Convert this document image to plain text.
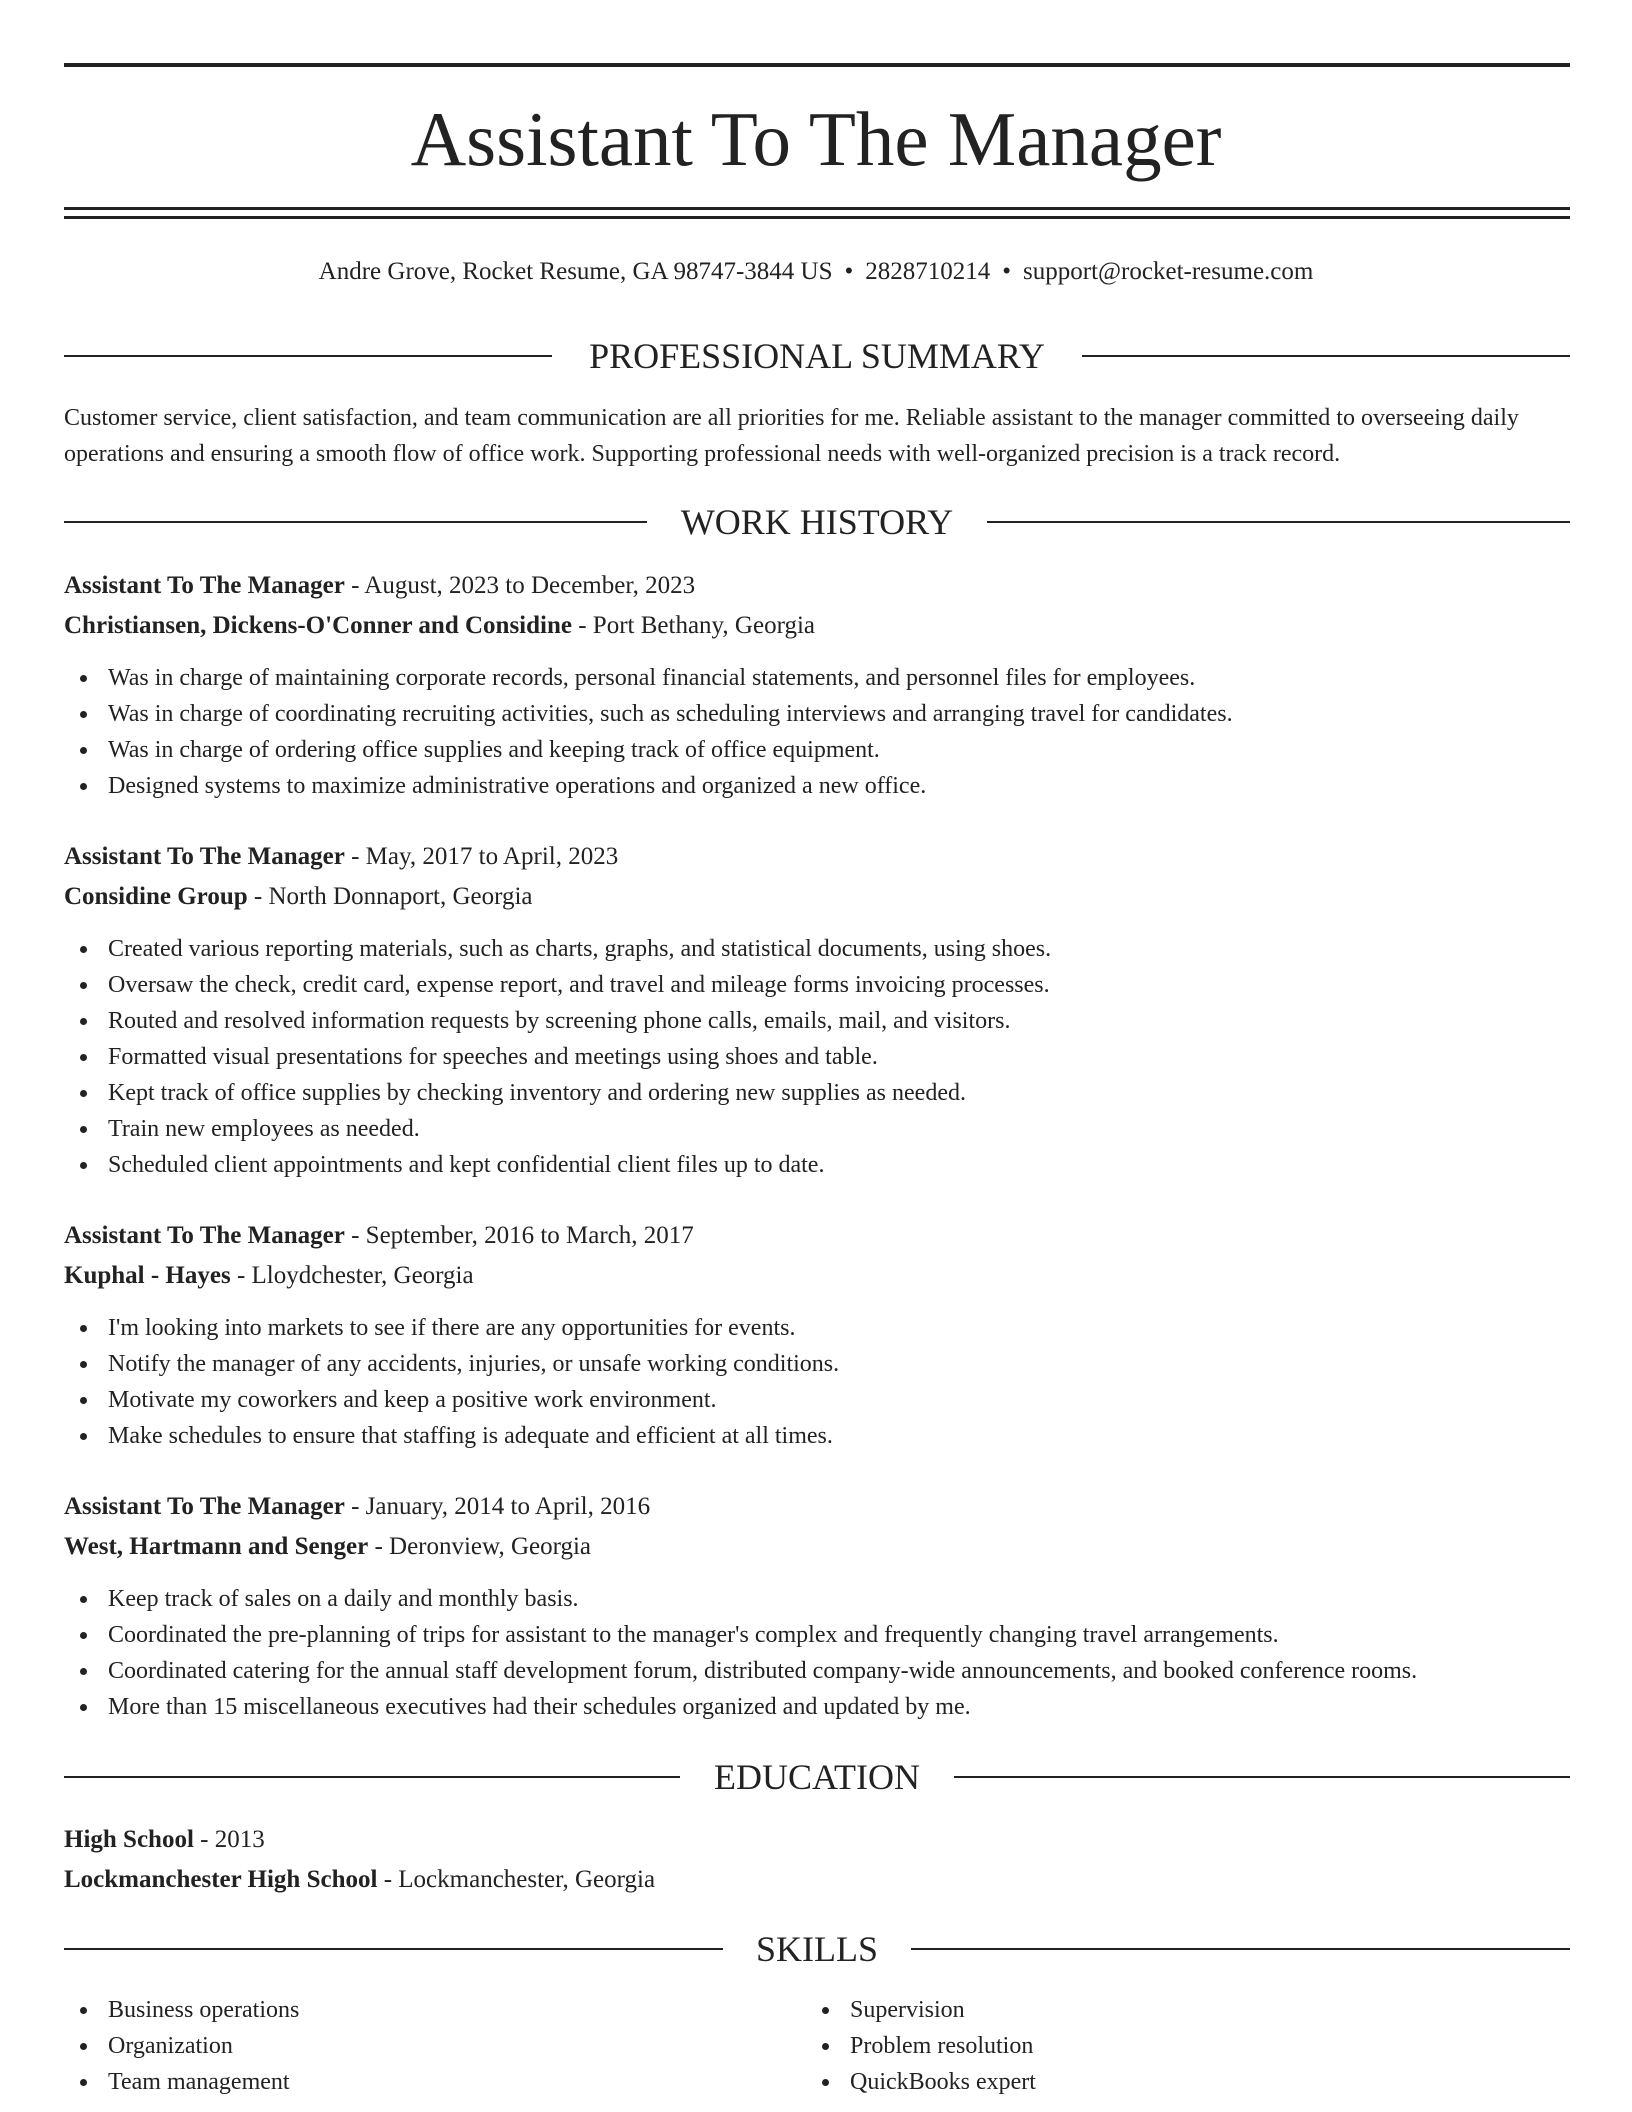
Assistant To The Manager
Andre Grove, Rocket Resume, GA 98747-3844 US • 2828710214 • support@rocket-resume.com
PROFESSIONAL SUMMARY
Customer service, client satisfaction, and team communication are all priorities for me. Reliable assistant to the manager committed to overseeing daily operations and ensuring a smooth flow of office work. Supporting professional needs with well-organized precision is a track record.
WORK HISTORY
Assistant To The Manager - August, 2023 to December, 2023
Christiansen, Dickens-O'Conner and Considine - Port Bethany, Georgia
Was in charge of maintaining corporate records, personal financial statements, and personnel files for employees.
Was in charge of coordinating recruiting activities, such as scheduling interviews and arranging travel for candidates.
Was in charge of ordering office supplies and keeping track of office equipment.
Designed systems to maximize administrative operations and organized a new office.
Assistant To The Manager - May, 2017 to April, 2023
Considine Group - North Donnaport, Georgia
Created various reporting materials, such as charts, graphs, and statistical documents, using shoes.
Oversaw the check, credit card, expense report, and travel and mileage forms invoicing processes.
Routed and resolved information requests by screening phone calls, emails, mail, and visitors.
Formatted visual presentations for speeches and meetings using shoes and table.
Kept track of office supplies by checking inventory and ordering new supplies as needed.
Train new employees as needed.
Scheduled client appointments and kept confidential client files up to date.
Assistant To The Manager - September, 2016 to March, 2017
Kuphal - Hayes - Lloydchester, Georgia
I'm looking into markets to see if there are any opportunities for events.
Notify the manager of any accidents, injuries, or unsafe working conditions.
Motivate my coworkers and keep a positive work environment.
Make schedules to ensure that staffing is adequate and efficient at all times.
Assistant To The Manager - January, 2014 to April, 2016
West, Hartmann and Senger - Deronview, Georgia
Keep track of sales on a daily and monthly basis.
Coordinated the pre-planning of trips for assistant to the manager's complex and frequently changing travel arrangements.
Coordinated catering for the annual staff development forum, distributed company-wide announcements, and booked conference rooms.
More than 15 miscellaneous executives had their schedules organized and updated by me.
EDUCATION
High School - 2013
Lockmanchester High School - Lockmanchester, Georgia
SKILLS
Business operations
Organization
Team management
Supervision
Problem resolution
QuickBooks expert
